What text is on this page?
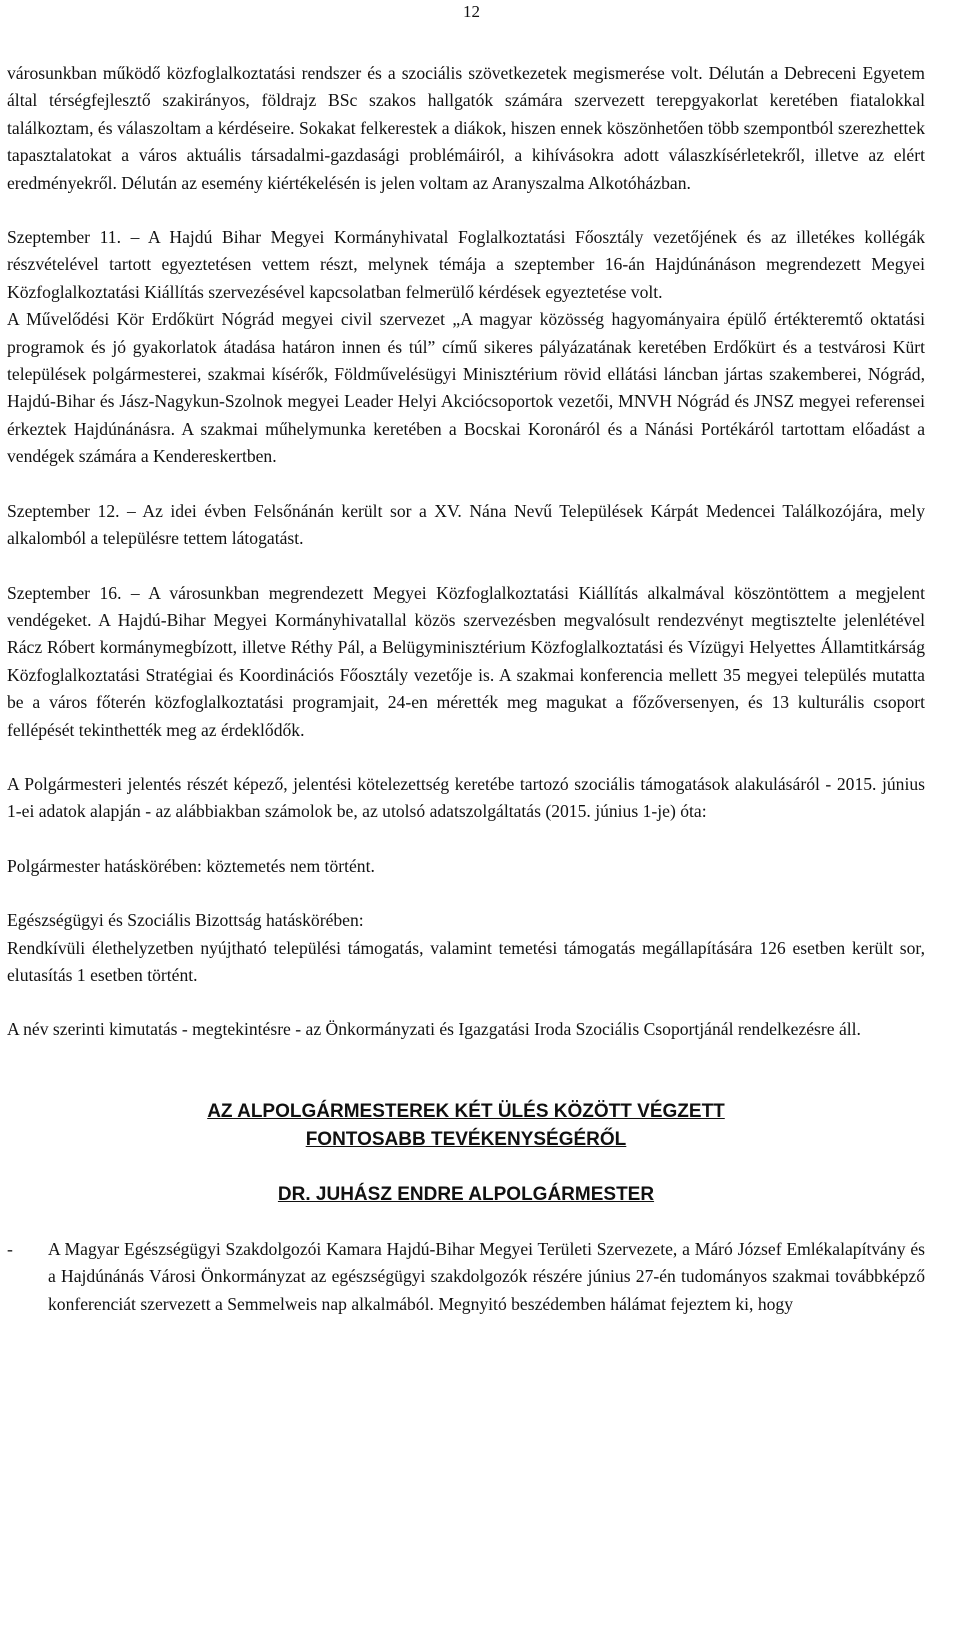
12

városunkban működő közfoglalkoztatási rendszer és a szociális szövetkezetek megismerése volt. Délután a Debreceni Egyetem által térségfejlesztő szakirányos, földrajz BSc szakos hallgatók számára szervezett terepgyakorlat keretében fiatalokkal találkoztam, és válaszoltam a kérdéseire. Sokakat felkerestek a diákok, hiszen ennek köszönhetően több szempontból szerezhettek tapasztalatokat a város aktuális társadalmi-gazdasági problémáiról, a kihívásokra adott válaszkísérletekről, illetve az elért eredményekről. Délután az esemény kiértékelésén is jelen voltam az Aranyszalma Alkotóházban.

Szeptember 11. – A Hajdú Bihar Megyei Kormányhivatal Foglalkoztatási Főosztály vezetőjének és az illetékes kollégák részvételével tartott egyeztetésen vettem részt, melynek témája a szeptember 16-án Hajdúnánáson megrendezett Megyei Közfoglalkoztatási Kiállítás szervezésével kapcsolatban felmerülő kérdések egyeztetése volt.

A Művelődési Kör Erdőkürt Nógrád megyei civil szervezet „A magyar közösség hagyományaira épülő értékteremtő oktatási programok és jó gyakorlatok átadása határon innen és túl” című sikeres pályázatának keretében Erdőkürt és a testvárosi Kürt települések polgármesterei, szakmai kísérők, Földművelésügyi Minisztérium rövid ellátási láncban jártas szakemberei, Nógrád, Hajdú-Bihar és Jász-Nagykun-Szolnok megyei Leader Helyi Akciócsoportok vezetői, MNVH Nógrád és JNSZ megyei referensei érkeztek Hajdúnánásra. A szakmai műhelymunka keretében a Bocskai Koronáról és a Nánási Portékáról tartottam előadást a vendégek számára a Kendereskertben.

Szeptember 12. – Az idei évben Felsőnánán került sor a XV. Nána Nevű Települések Kárpát Medencei Találkozójára, mely alkalomból a településre tettem látogatást.

Szeptember 16. – A városunkban megrendezett Megyei Közfoglalkoztatási Kiállítás alkalmával köszöntöttem a megjelent vendégeket. A Hajdú-Bihar Megyei Kormányhivatallal közös szervezésben megvalósult rendezvényt megtisztelte jelenlétével Rácz Róbert kormánymegbízott, illetve Réthy Pál, a Belügyminisztérium Közfoglalkoztatási és Vízügyi Helyettes Államtitkárság Közfoglalkoztatási Stratégiai és Koordinációs Főosztály vezetője is. A szakmai konferencia mellett 35 megyei település mutatta be a város főterén közfoglalkoztatási programjait, 24-en mérették meg magukat a főzőversenyen, és 13 kulturális csoport fellépését tekinthették meg az érdeklődők.

A Polgármesteri jelentés részét képező, jelentési kötelezettség keretébe tartozó szociális támogatások alakulásáról - 2015. június 1-ei adatok alapján - az alábbiakban számolok be, az utolsó adatszolgáltatás (2015. június 1-je) óta:

Polgármester hatáskörében: köztemetés nem történt.

Egészségügyi és Szociális Bizottság hatáskörében:

Rendkívüli élethelyzetben nyújtható települési támogatás, valamint temetési támogatás megállapítására 126 esetben került sor, elutasítás 1 esetben történt.

A név szerinti kimutatás - megtekintésre - az Önkormányzati és Igazgatási Iroda Szociális Csoportjánál rendelkezésre áll.

AZ ALPOLGÁRMESTEREK KÉT ÜLÉS KÖZÖTT VÉGZETT FONTOSABB TEVÉKENYSÉGÉRŐL
DR. JUHÁSZ ENDRE ALPOLGÁRMESTER
-	A Magyar Egészségügyi Szakdolgozói Kamara Hajdú-Bihar Megyei Területi Szervezete, a Máró József Emlékalapítvány és a Hajdúnánás Városi Önkormányzat az egészségügyi szakdolgozók részére június 27-én tudományos szakmai továbbképző konferenciát szervezett a Semmelweis nap alkalmából. Megnyitó beszédemben hálámat fejeztem ki, hogy
